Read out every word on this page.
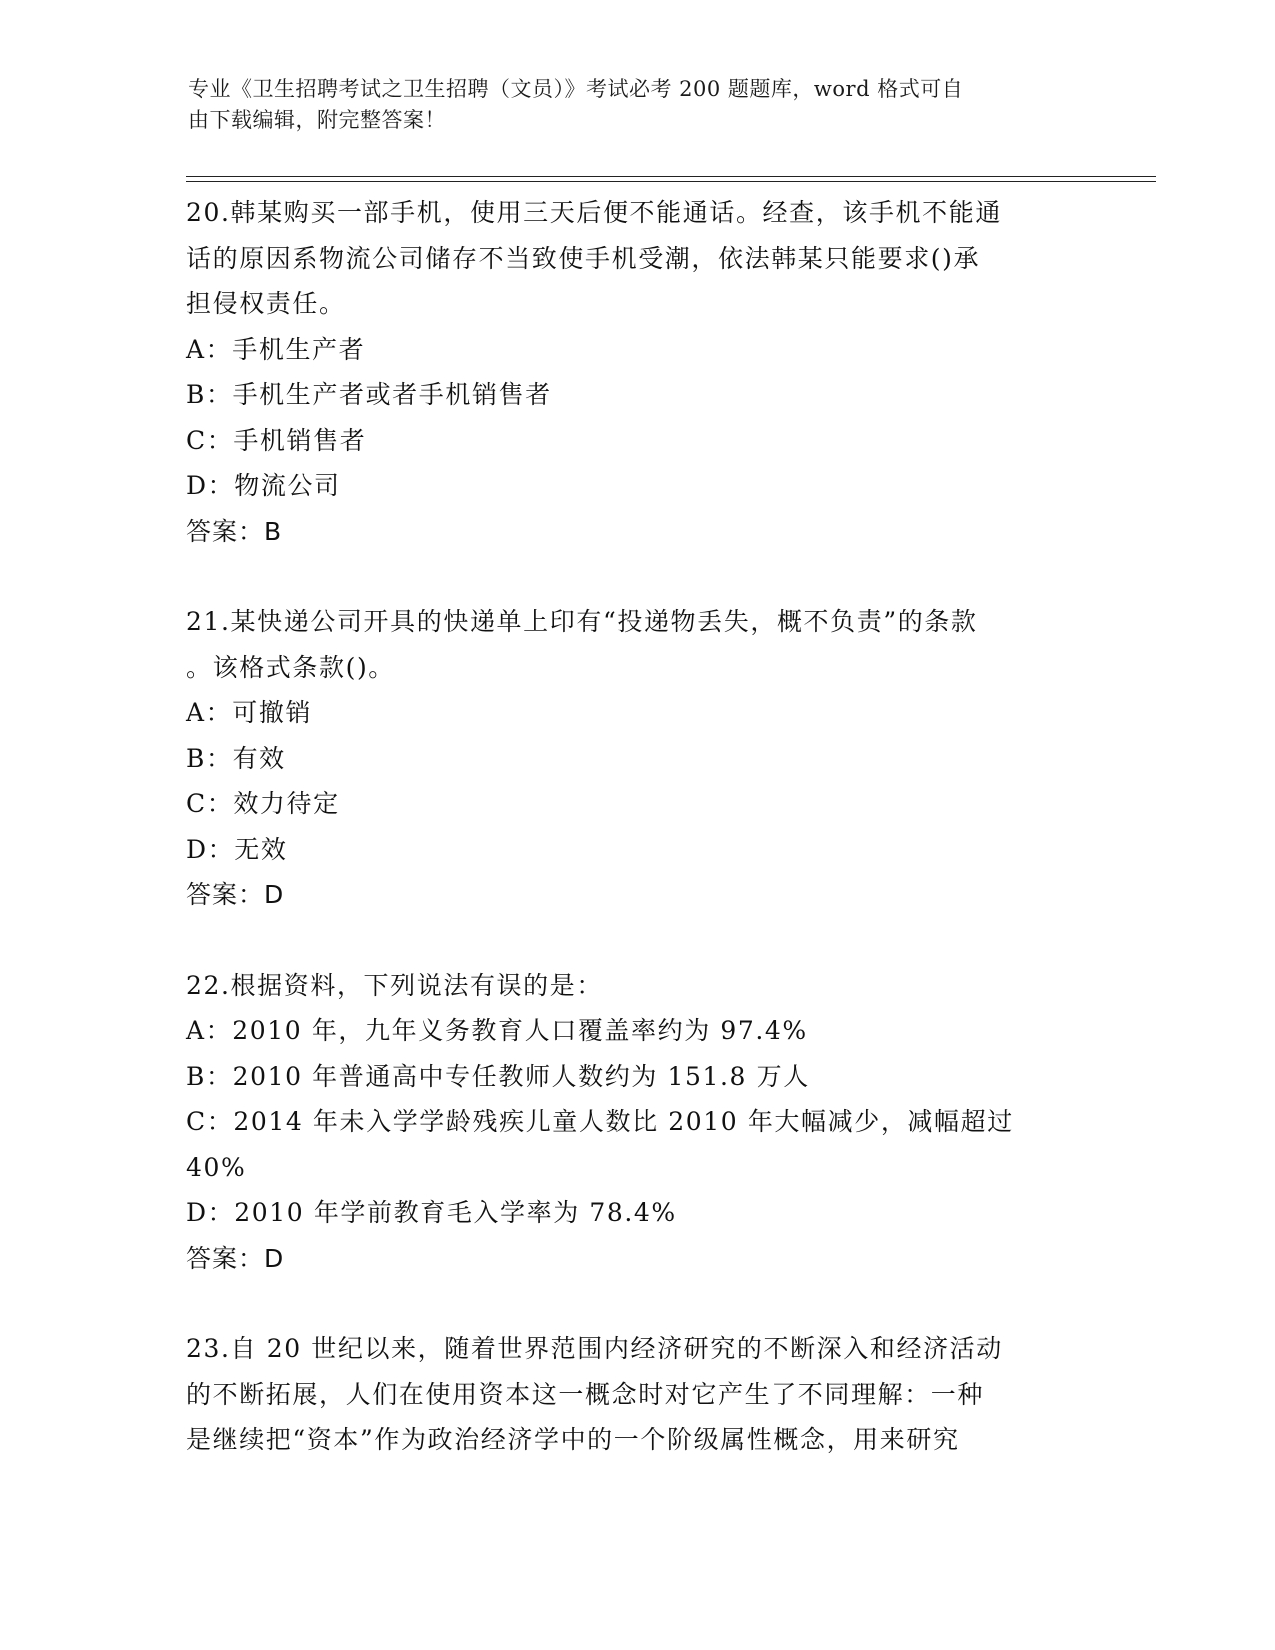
专业《卫生招聘考试之卫生招聘（文员）》考试必考 200 题题库，word 格式可自
由下载编辑，附完整答案！

20.韩某购买一部手机，使用三天后便不能通话。经查，该手机不能通

话的原因系物流公司储存不当致使手机受潮，依法韩某只能要求()承

担侵权责任。

A：手机生产者

B：手机生产者或者手机销售者

C：手机销售者

D：物流公司

答案：B

21.某快递公司开具的快递单上印有“投递物丢失，概不负责”的条款

。该格式条款()。

A：可撤销

B：有效

C：效力待定

D：无效

答案：D

22.根据资料，下列说法有误的是：

A：2010 年，九年义务教育人口覆盖率约为 97.4%

B：2010 年普通高中专任教师人数约为 151.8 万人

C：2014 年未入学学龄残疾儿童人数比 2010 年大幅减少，减幅超过

40%

D：2010 年学前教育毛入学率为 78.4%

答案：D

23.自 20 世纪以来，随着世界范围内经济研究的不断深入和经济活动

的不断拓展，人们在使用资本这一概念时对它产生了不同理解：一种

是继续把“资本”作为政治经济学中的一个阶级属性概念，用来研究
